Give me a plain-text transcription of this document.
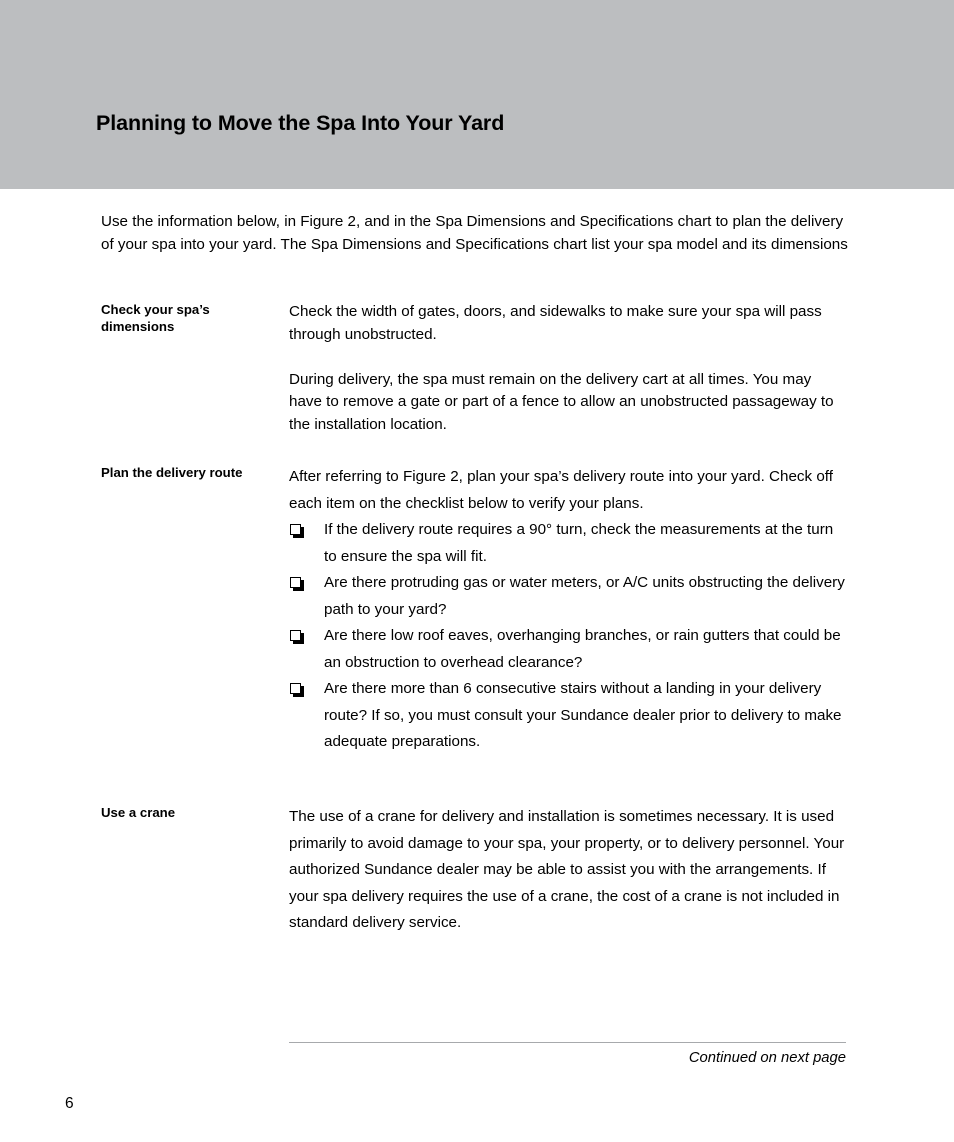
Planning to Move the Spa Into Your Yard
Use the information below, in Figure 2, and in the Spa Dimensions and Specifications chart to plan the delivery of your spa into your yard. The Spa Dimensions and Specifications chart list your spa model and its dimensions
Check your spa’s dimensions

Check the width of gates, doors, and sidewalks to make sure your spa will pass through unobstructed.

During delivery, the spa must remain on the delivery cart at all times. You may have to remove a gate or part of a fence to allow an unobstructed passageway to the installation location.

Plan the delivery route	After referring to Figure 2, plan your spa’s delivery route into your yard. Check off each item on the checklist below to verify your plans.

If the delivery route requires a 90° turn, check the measurements at the turn to ensure the spa will fit.
Are there protruding gas or water meters, or A/C units obstructing the delivery path to your yard?
Are there low roof eaves, overhanging branches, or rain gutters that could be an obstruction to overhead clearance?
Are there more than 6 consecutive stairs without a landing in your delivery route? If so, you must consult your Sundance dealer prior to delivery to make adequate preparations.
Use a crane	The use of a crane for delivery and installation is sometimes necessary. It is used primarily to avoid damage to your spa, your property, or to delivery personnel. Your authorized Sundance dealer may be able to assist you with the arrangements. If your spa delivery requires the use of a crane, the cost of a crane is not included in standard delivery service.

Continued on next page
6
